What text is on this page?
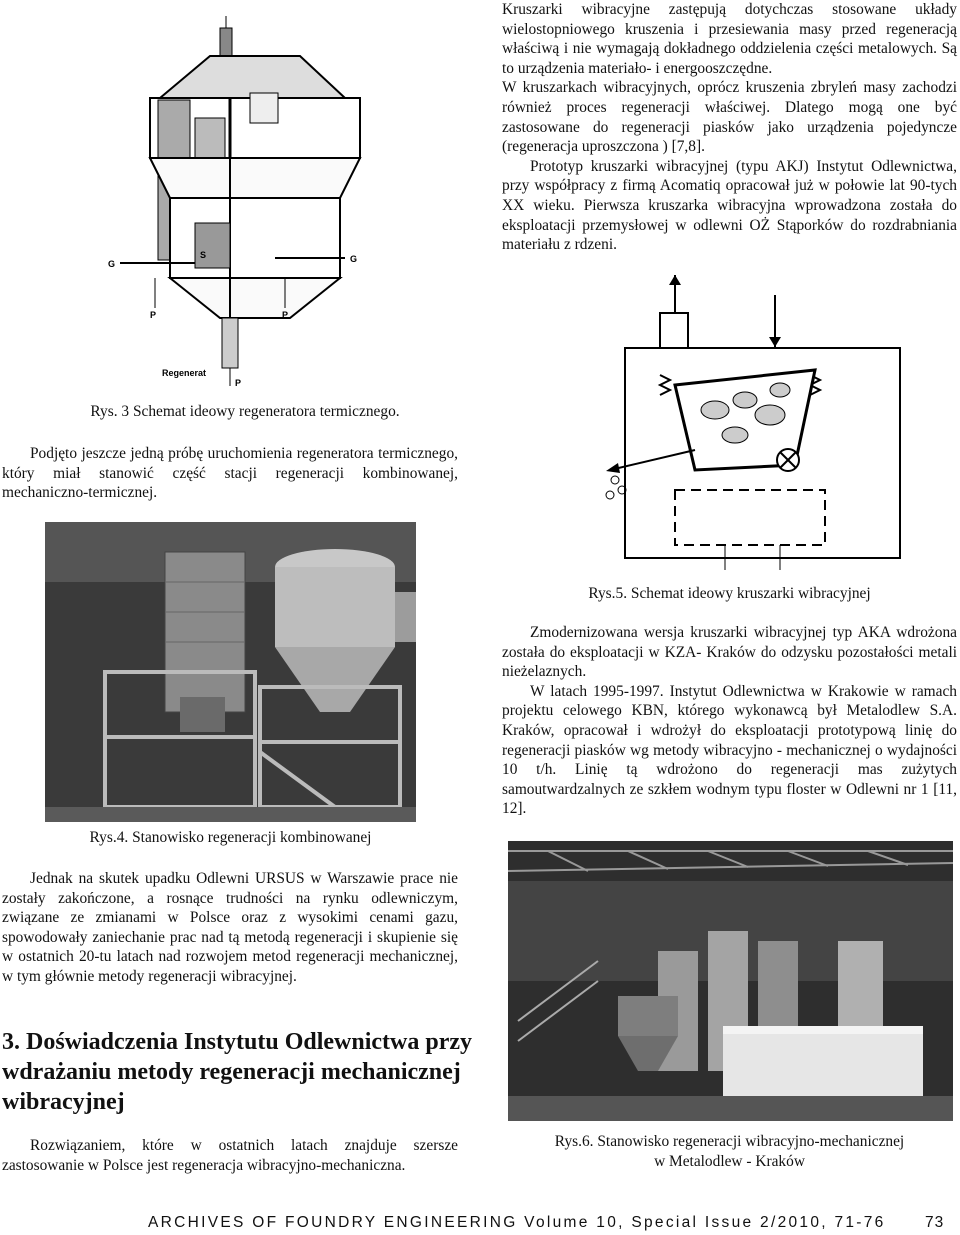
Kruszarki wibracyjne zastępują dotychczas stosowane układy wielostopniowego kruszenia i przesiewania masy przed regeneracją właściwą i nie wymagają dokładnego oddzielenia części metalowych. Są to urządzenia materiało- i energooszczędne.

W kruszarkach wibracyjnych, oprócz kruszenia zbryleń masy zachodzi również proces regeneracji właściwej. Dlatego mogą one być zastosowane do regeneracji piasków jako urządzenia pojedyncze (regeneracja uproszczona ) [7,8].

Prototyp kruszarki wibracyjnej (typu AKJ) Instytut Odlewnictwa, przy współpracy z firmą Acomatiq opracował już w połowie lat 90-tych XX wieku. Pierwsza kruszarka wibracyjna wprowadzona została do eksploatacji przemysłowej w odlewni OŻ Stąporków do rozdrabniania materiału z rdzeni.

S
G	G
P	P
P
Regenerat
Rys. 3 Schemat ideowy regeneratora termicznego.

Podjęto jeszcze jedną próbę uruchomienia regeneratora termicznego, który miał stanowić część stacji regeneracji kombinowanej, mechaniczno-termicznej.

Rys.4. Stanowisko regeneracji kombinowanej
Rys.5. Schemat ideowy kruszarki wibracyjnej

Zmodernizowana wersja kruszarki wibracyjnej typ AKA wdrożona została do eksploatacji w KZA- Kraków do odzysku pozostałości metali nieżelaznych.

W latach 1995-1997. Instytut Odlewnictwa w Krakowie w ramach projektu celowego KBN, którego wykonawcą był Metalodlew S.A. Kraków, opracował i wdrożył do eksploatacji prototypową linię do regeneracji piasków wg metody wibracyjno - mechanicznej o wydajności 10 t/h. Linię tą wdrożono do regeneracji mas zużytych samoutwardzalnych ze szkłem wodnym typu floster w Odlewni nr 1 [11, 12].

Jednak na skutek upadku Odlewni URSUS w Warszawie prace nie zostały zakończone, a rosnące trudności na rynku odlewniczym, związane ze zmianami w Polsce oraz z wysokimi cenami gazu, spowodowały zaniechanie prac nad tą metodą regeneracji i skupienie się w ostatnich 20-tu latach nad rozwojem metod regeneracji mechanicznej, w tym głównie metody regeneracji wibracyjnej.

3. Doświadczenia Instytutu Odlewnictwa przy wdrażaniu metody regeneracji mechanicznej wibracyjnej

Rozwiązaniem, które w ostatnich latach znajduje szersze zastosowanie w Polsce jest regeneracja wibracyjno-mechaniczna.

Rys.6. Stanowisko regeneracji wibracyjno-mechanicznej
w Metalodlew - Kraków
ARCHIVES OF FOUNDRY ENGINEERING Volume 10, Special Issue 2/2010, 71-76	73
